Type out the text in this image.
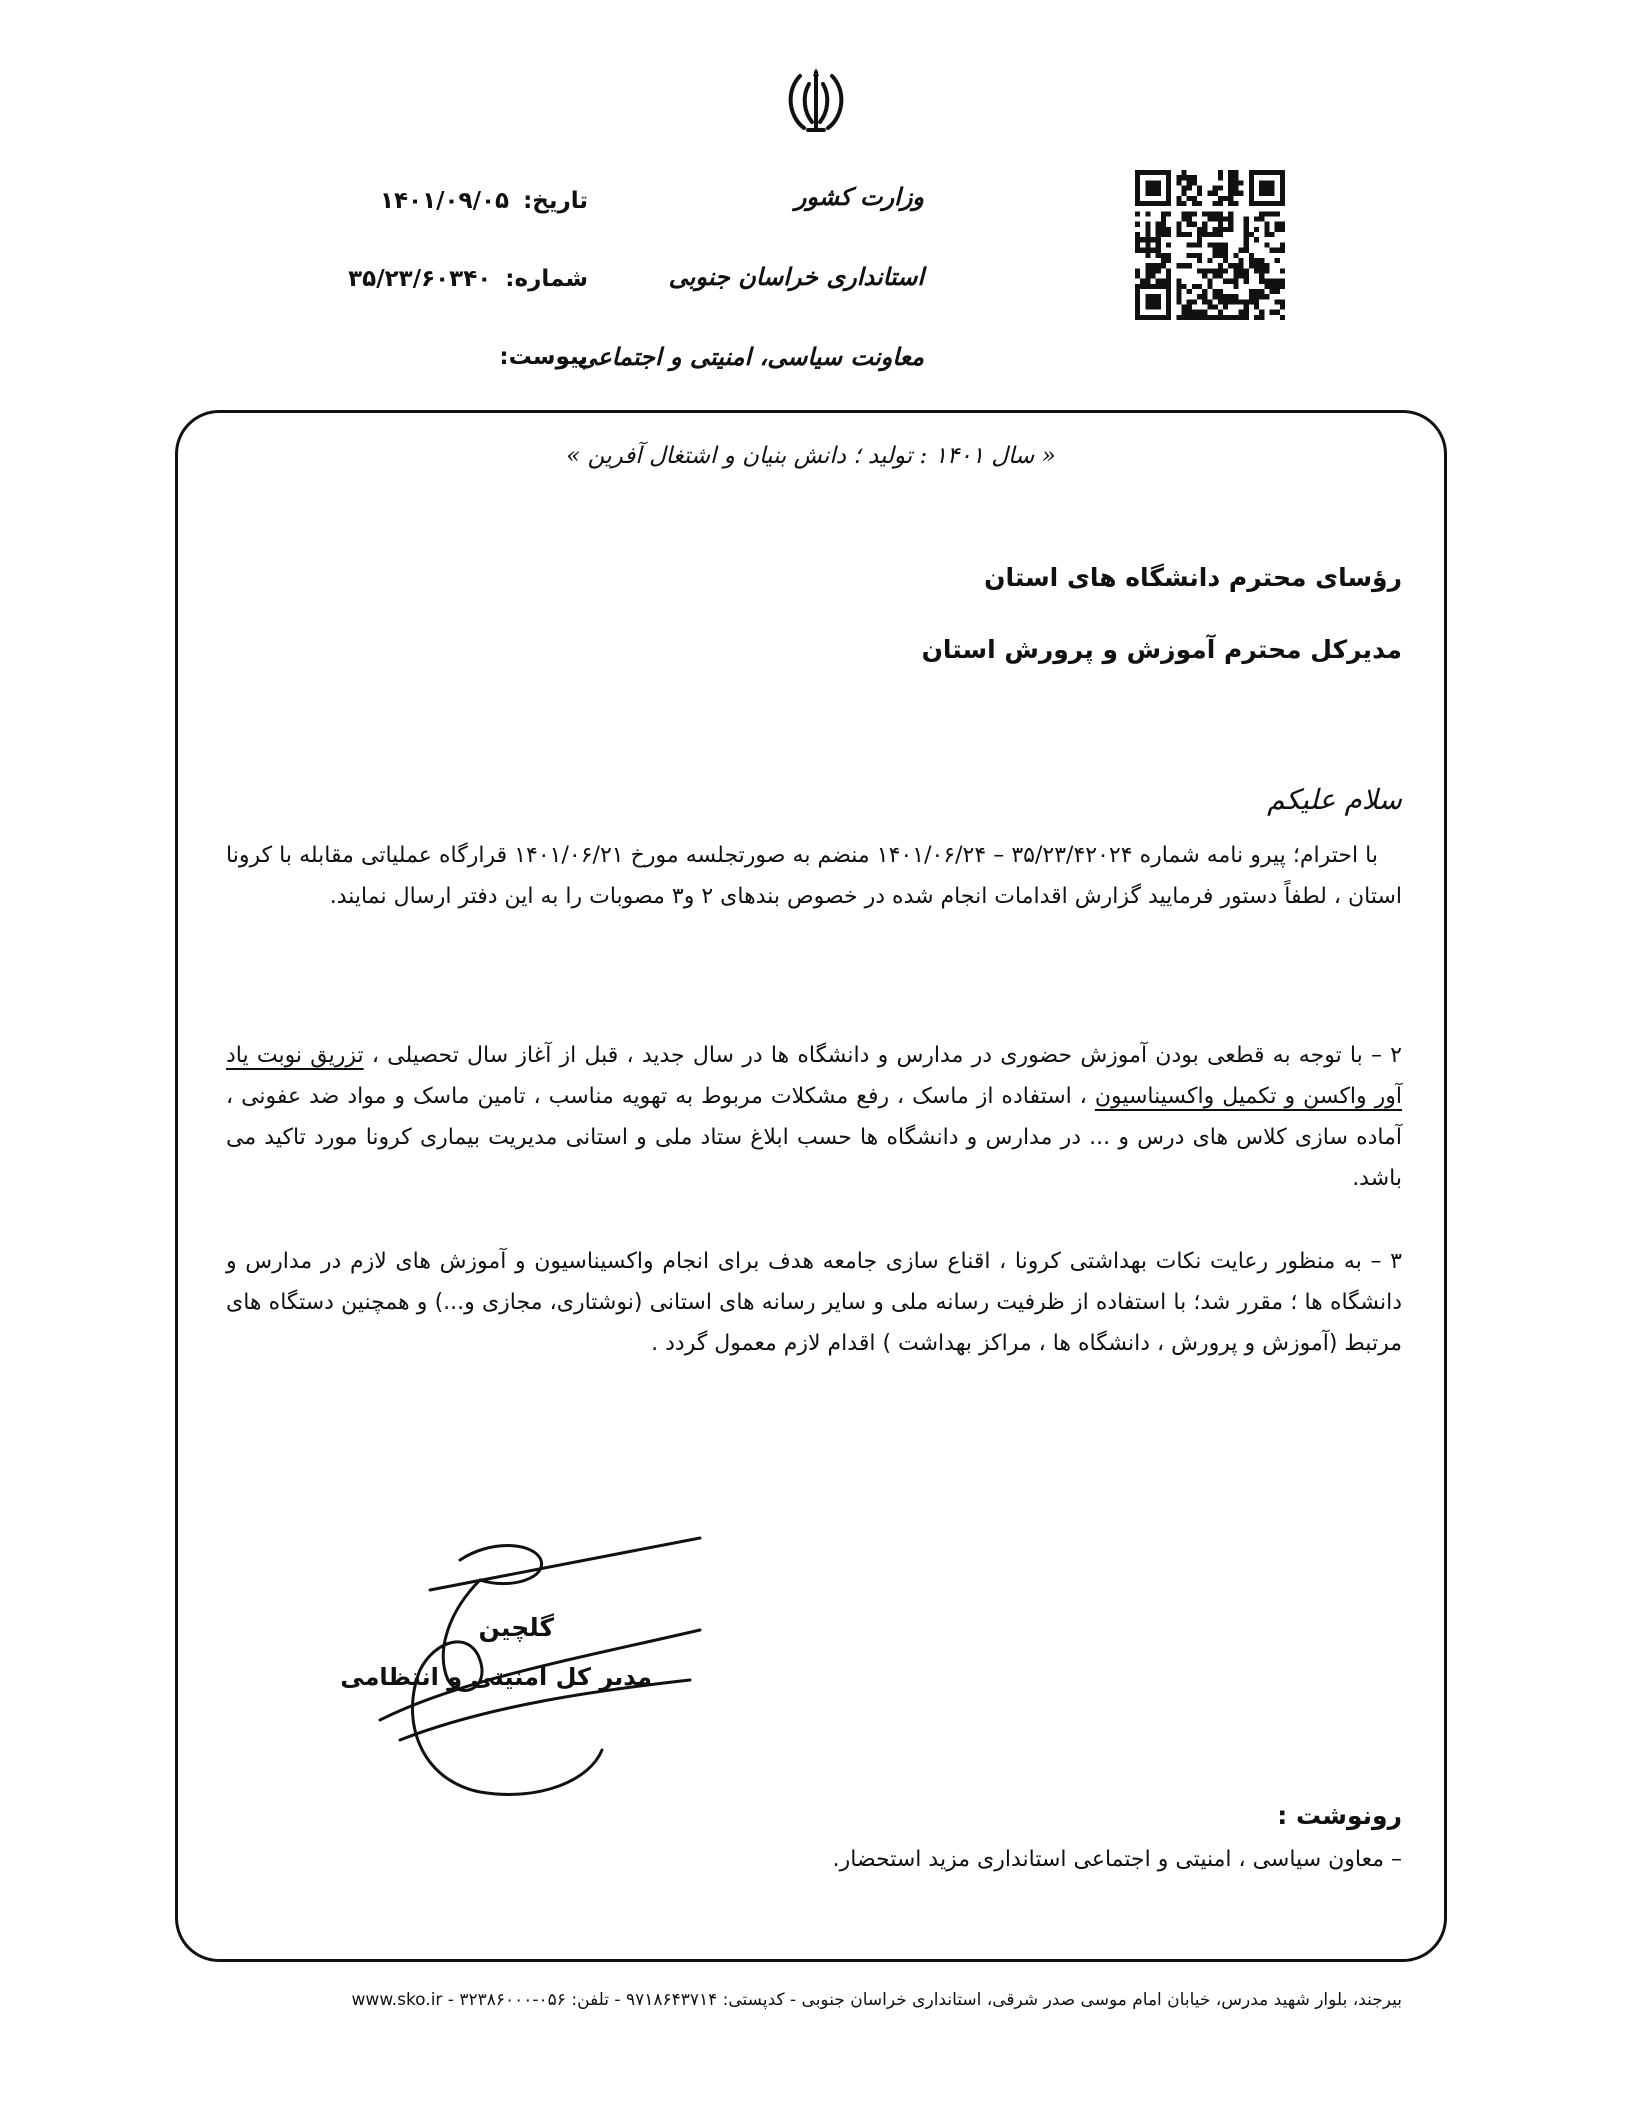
وزارت کشور
استانداری خراسان جنوبی
معاونت سیاسی، امنیتی و اجتماعی
تاریخ:
۱۴۰۱/۰۹/۰۵
شماره:
۳۵/۲۳/۶۰۳۴۰
پیوست:
« سال ۱۴۰۱ : تولید ؛ دانش بنیان و اشتغال آفرین »
رؤسای محترم دانشگاه های استان
مدیرکل محترم آموزش و پرورش استان
سلام علیکم

با احترام؛ پیرو نامه شماره ۳۵/۲۳/۴۲۰۲۴ – ۱۴۰۱/۰۶/۲۴ منضم به صورتجلسه مورخ ۱۴۰۱/۰۶/۲۱ قرارگاه عملیاتی مقابله با کرونا استان ، لطفاً دستور فرمایید گزارش اقدامات انجام شده در خصوص بندهای ۲ و۳ مصوبات را به این دفتر ارسال نمایند.

۲ – با توجه به قطعی بودن آموزش حضوری در مدارس و دانشگاه ها در سال جدید ، قبل از آغاز سال تحصیلی ، تزریق نوبت یاد آور واکسن و تکمیل واکسیناسیون ، استفاده از ماسک ، رفع مشکلات مربوط به تهویه مناسب ، تامین ماسک و مواد ضد عفونی ، آماده سازی کلاس های درس و ... در مدارس و دانشگاه ها حسب ابلاغ ستاد ملی و استانی مدیریت بیماری کرونا مورد تاکید می باشد.

۳ – به منظور رعایت نکات بهداشتی کرونا ، اقناع سازی جامعه هدف برای انجام واکسیناسیون و آموزش های لازم در مدارس و دانشگاه ها ؛ مقرر شد؛ با استفاده از ظرفیت رسانه ملی و سایر رسانه های استانی (نوشتاری، مجازی و...) و همچنین دستگاه های مرتبط (آموزش و پرورش ، دانشگاه ها ، مراکز بهداشت ) اقدام لازم معمول گردد .

گلچین
مدیر کل امنیتی و انتظامی
رونوشت :
– معاون سیاسی ، امنیتی و اجتماعی استانداری مزید استحضار.
بیرجند، بلوار شهید مدرس، خیابان امام موسی صدر شرقی، استانداری خراسان جنوبی - کدپستی: ۹۷۱۸۶۴۳۷۱۴ - تلفن: ۰۵۶-۳۲۳۸۶۰۰۰ - www.sko.ir
